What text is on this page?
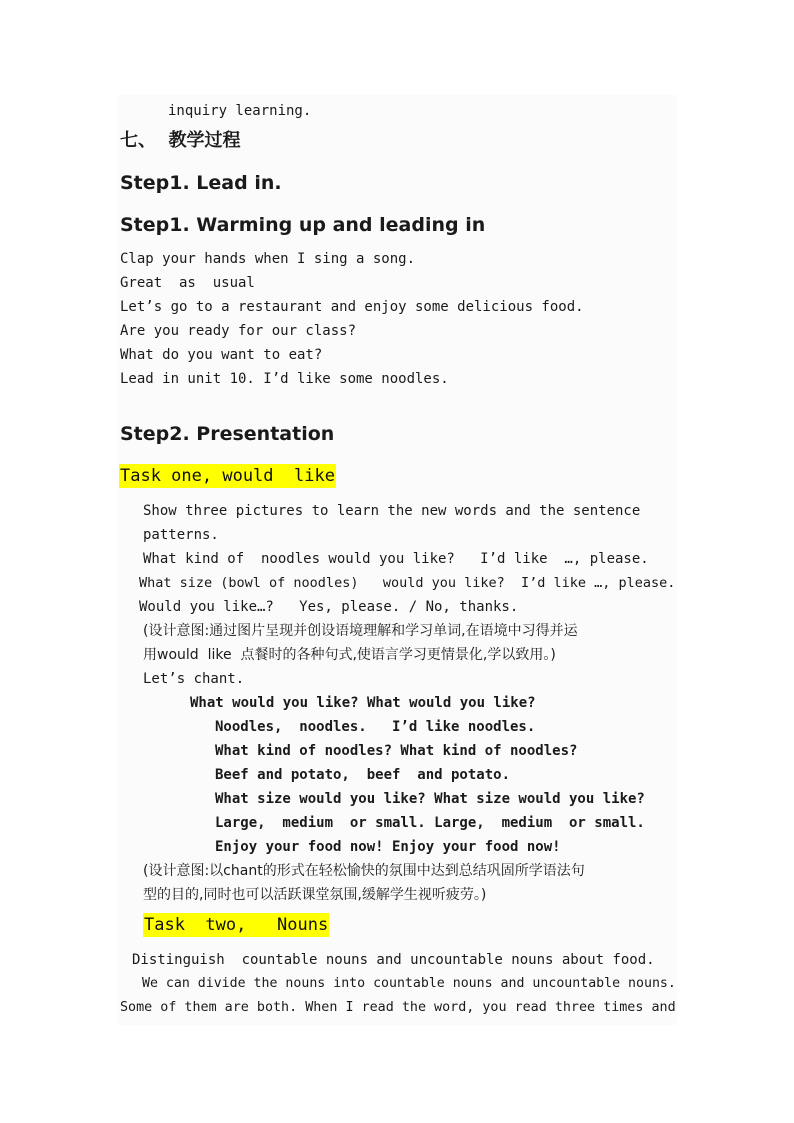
inquiry learning.
七、  教学过程
Step1. Lead in.
Step1. Warming up and leading in
Clap your hands when I sing a song.
Great  as  usual
Let’s go to a restaurant and enjoy some delicious food.
Are you ready for our class?
What do you want to eat?
Lead in unit 10. I’d like some noodles.
Step2. Presentation
Task one, would  like
Show three pictures to learn the new words and the sentence
patterns.
What kind of  noodles would you like?   I’d like  …, please.
What size (bowl of noodles)   would you like?  I’d like …, please.
Would you like…?   Yes, please. / No, thanks.
(设计意图:通过图片呈现并创设语境理解和学习单词,在语境中习得并运
用would  like  点餐时的各种句式,使语言学习更情景化,学以致用。)
Let’s chant.
What would you like? What would you like?
Noodles,  noodles.   I’d like noodles.
What kind of noodles? What kind of noodles?
Beef and potato,  beef  and potato.
What size would you like? What size would you like?
Large,  medium  or small. Large,  medium  or small.
Enjoy your food now! Enjoy your food now!
(设计意图:以chant的形式在轻松愉快的氛围中达到总结巩固所学语法句
型的目的,同时也可以活跃课堂氛围,缓解学生视听疲劳。)
Task  two,   Nouns
Distinguish  countable nouns and uncountable nouns about food.
We can divide the nouns into countable nouns and uncountable nouns.
Some of them are both. When I read the word, you read three times and
